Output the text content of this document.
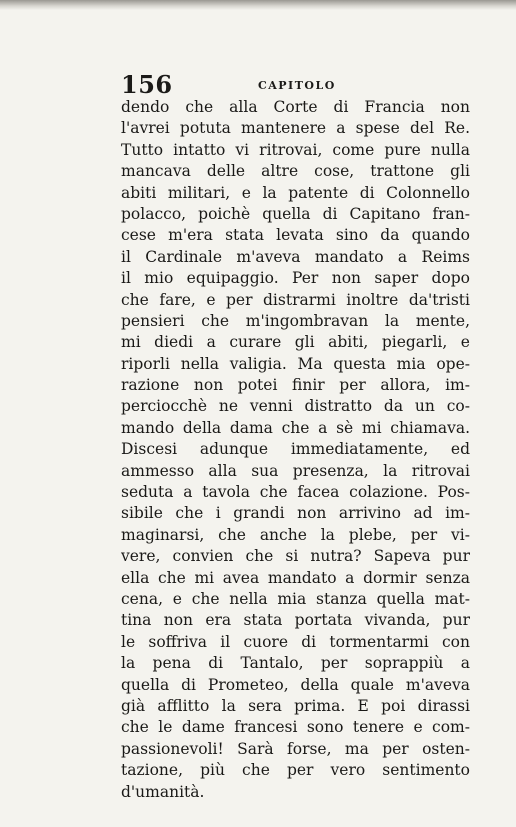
156	CAPITOLO
dendo che alla Corte di Francia non
l'avrei potuta mantenere a spese del Re.
Tutto intatto vi ritrovai, come pure nulla
mancava delle altre cose, trattone gli
abiti militari, e la patente di Colonnello
polacco, poichè quella di Capitano fran-
cese m'era stata levata sino da quando
il Cardinale m'aveva mandato a Reims
il mio equipaggio. Per non saper dopo
che fare, e per distrarmi inoltre da'tristi
pensieri che m'ingombravan la mente,
mi diedi a curare gli abiti, piegarli, e
riporli nella valigia. Ma questa mia ope-
razione non potei finir per allora, im-
perciocchè ne venni distratto da un co-
mando della dama che a sè mi chiamava.
Discesi adunque immediatamente, ed
ammesso alla sua presenza, la ritrovai
seduta a tavola che facea colazione. Pos-
sibile che i grandi non arrivino ad im-
maginarsi, che anche la plebe, per vi-
vere, convien che si nutra? Sapeva pur
ella che mi avea mandato a dormir senza
cena, e che nella mia stanza quella mat-
tina non era stata portata vivanda, pur
le soffriva il cuore di tormentarmi con
la pena di Tantalo, per soprappiù a
quella di Prometeo, della quale m'aveva
già afflitto la sera prima. E poi dirassi
che le dame francesi sono tenere e com-
passionevoli! Sarà forse, ma per osten-
tazione, più che per vero sentimento
d'umanità.
